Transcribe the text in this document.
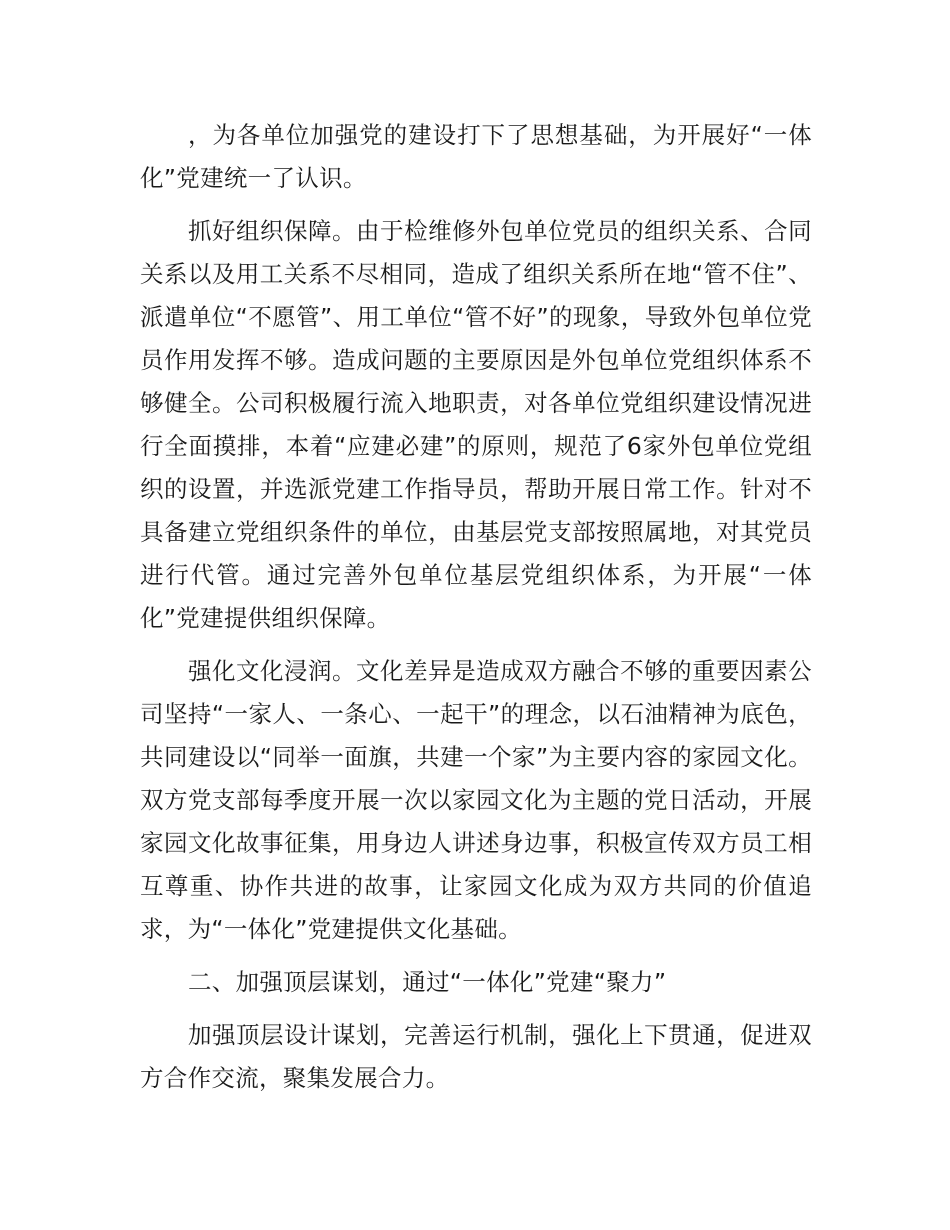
，为各单位加强党的建设打下了思想基础，为开展好“一体化”党建统一了认识。

抓好组织保障。由于检维修外包单位党员的组织关系、合同关系以及用工关系不尽相同，造成了组织关系所在地“管不住”、派遣单位“不愿管”、用工单位“管不好”的现象，导致外包单位党员作用发挥不够。造成问题的主要原因是外包单位党组织体系不够健全。公司积极履行流入地职责，对各单位党组织建设情况进行全面摸排，本着“应建必建”的原则，规范了6家外包单位党组织的设置，并选派党建工作指导员，帮助开展日常工作。针对不具备建立党组织条件的单位，由基层党支部按照属地，对其党员进行代管。通过完善外包单位基层党组织体系，为开展“一体化”党建提供组织保障。

强化文化浸润。文化差异是造成双方融合不够的重要因素公司坚持“一家人、一条心、一起干”的理念，以石油精神为底色，共同建设以“同举一面旗，共建一个家”为主要内容的家园文化。双方党支部每季度开展一次以家园文化为主题的党日活动，开展家园文化故事征集，用身边人讲述身边事，积极宣传双方员工相互尊重、协作共进的故事，让家园文化成为双方共同的价值追求，为“一体化”党建提供文化基础。

二、加强顶层谋划，通过“一体化”党建“聚力”

加强顶层设计谋划，完善运行机制，强化上下贯通，促进双方合作交流，聚集发展合力。
